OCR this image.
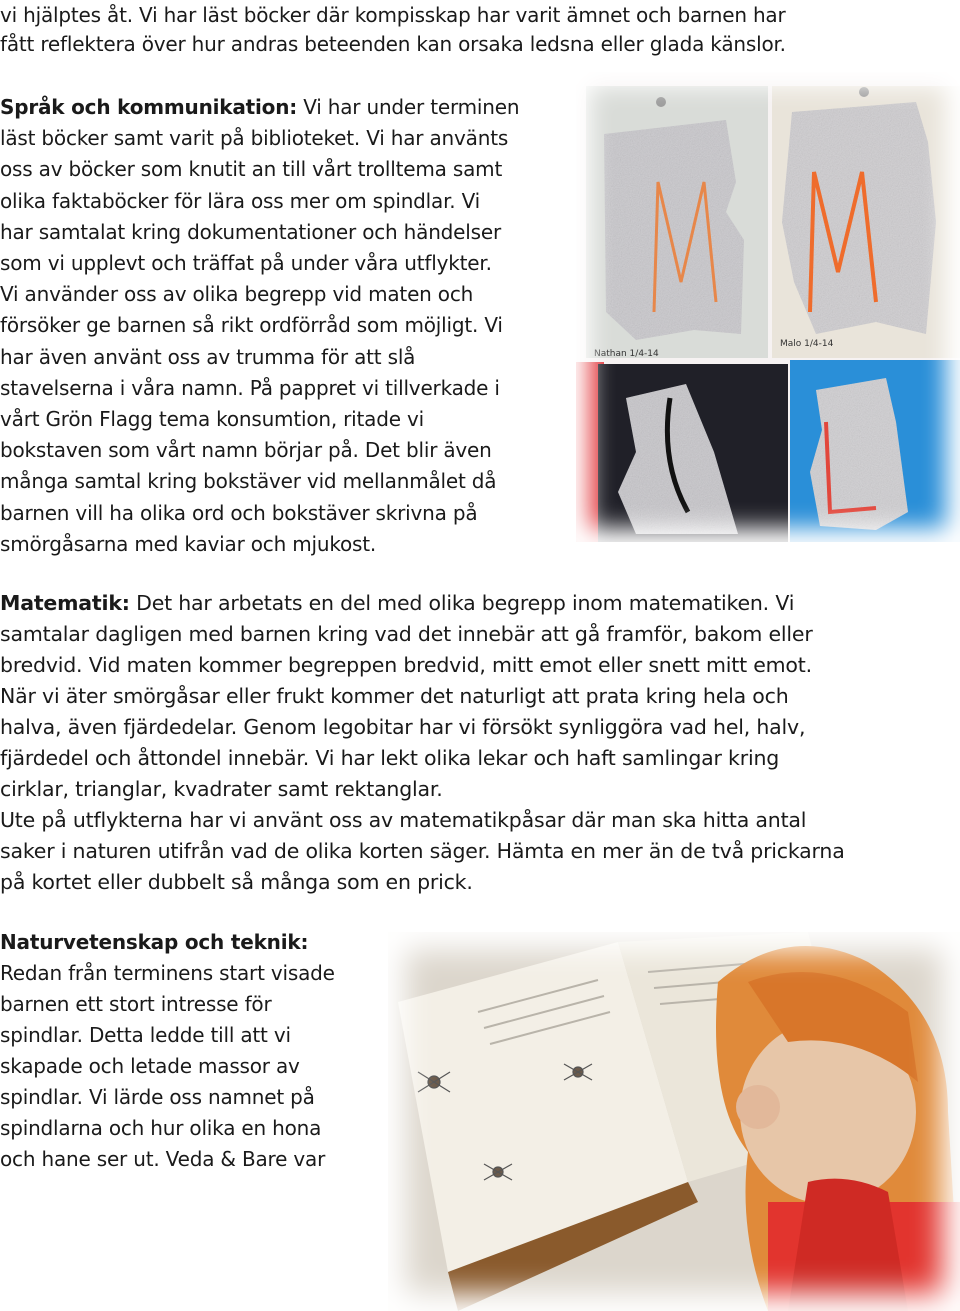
vi hjälptes åt. Vi har läst böcker där kompisskap har varit ämnet och barnen har
fått reflektera över hur andras beteenden kan orsaka ledsna eller glada känslor.
Språk och kommunikation: Vi har under terminen
läst böcker samt varit på biblioteket. Vi har använts
oss av böcker som knutit an till vårt trolltema samt
olika faktaböcker för lära oss mer om spindlar. Vi
har samtalat kring dokumentationer och händelser
som vi upplevt och träffat på under våra utflykter.
Vi använder oss av olika begrepp vid maten och
försöker ge barnen så rikt ordförråd som möjligt. Vi
har även använt oss av trumma för att slå
stavelserna i våra namn. På pappret vi tillverkade i
vårt Grön Flagg tema konsumtion, ritade vi
bokstaven som vårt namn börjar på. Det blir även
många samtal kring bokstäver vid mellanmålet då
barnen vill ha olika ord och bokstäver skrivna på
smörgåsarna med kaviar och mjukost.
Nathan 1/4-14
Malo 1/4-14
Matematik: Det har arbetats en del med olika begrepp inom matematiken. Vi
samtalar dagligen med barnen kring vad det innebär att gå framför, bakom eller
bredvid. Vid maten kommer begreppen bredvid, mitt emot eller snett mitt emot.
När vi äter smörgåsar eller frukt kommer det naturligt att prata kring hela och
halva, även fjärdedelar. Genom legobitar har vi försökt synliggöra vad hel, halv,
fjärdedel och åttondel innebär. Vi har lekt olika lekar och haft samlingar kring
cirklar, trianglar, kvadrater samt rektanglar.
Ute på utflykterna har vi använt oss av matematikpåsar där man ska hitta antal
saker i naturen utifrån vad de olika korten säger. Hämta en mer än de två prickarna
på kortet eller dubbelt så många som en prick.
Naturvetenskap och teknik:
Redan från terminens start visade
barnen ett stort intresse för
spindlar. Detta ledde till att vi
skapade och letade massor av
spindlar. Vi lärde oss namnet på
spindlarna och hur olika en hona
och hane ser ut. Veda & Bare var
